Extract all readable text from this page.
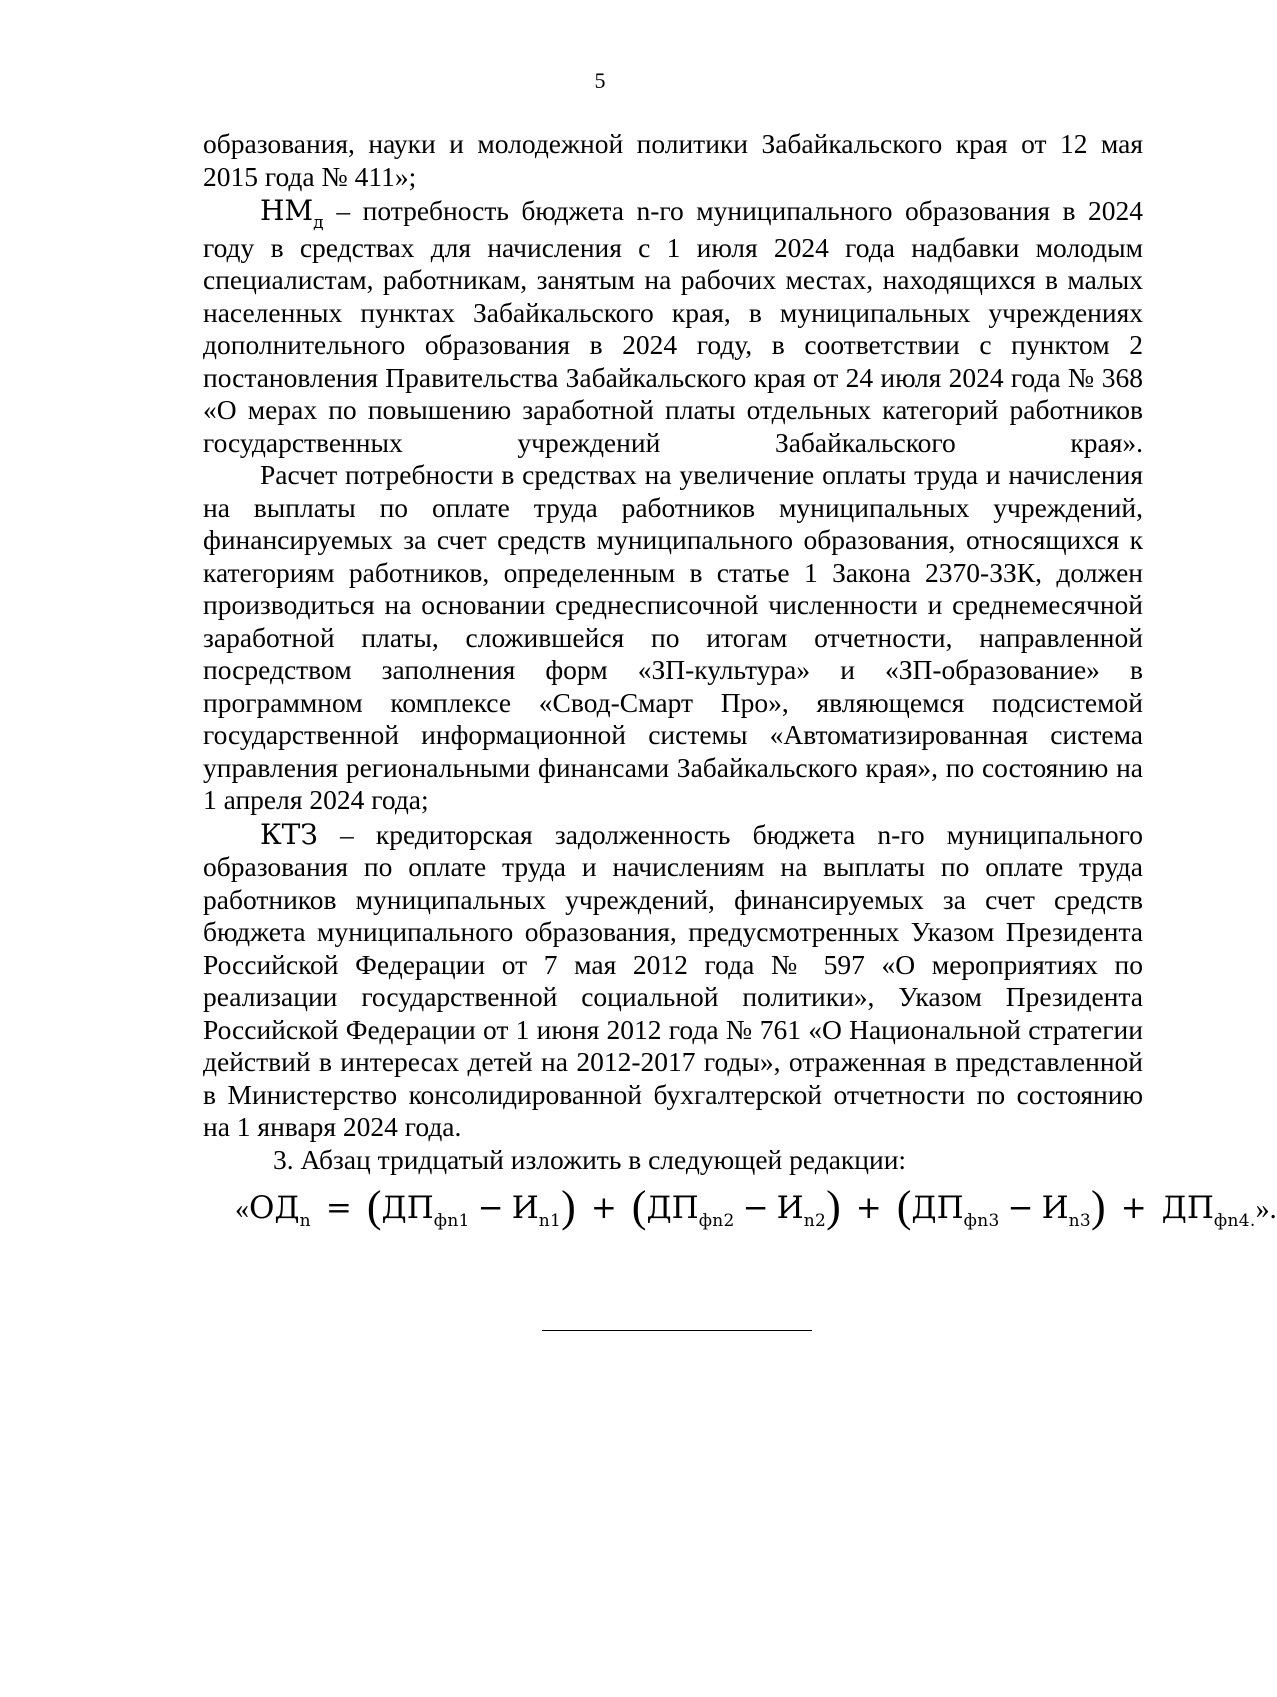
5

образования, науки и молодежной политики Забайкальского края от 12 мая 2015 года № 411»;

$НМ_д$ – потребность бюджета n-го муниципального образования в 2024 году в средствах для начисления с 1 июля 2024 года надбавки молодым специалистам, работникам, занятым на рабочих местах, находящихся в малых населенных пунктах Забайкальского края, в муниципальных учреждениях дополнительного образования в 2024 году, в соответствии с пунктом 2 постановления Правительства Забайкальского края от 24 июля 2024 года № 368 «О мерах по повышению заработной платы отдельных категорий работников государственных учреждений Забайкальского края».

Расчет потребности в средствах на увеличение оплаты труда и начисления на выплаты по оплате труда работников муниципальных учреждений, финансируемых за счет средств муниципального образования, относящихся к категориям работников, определенным в статье 1 Закона 2370-ЗЗК, должен производиться на основании среднесписочной численности и среднемесячной заработной платы, сложившейся по итогам отчетности, направленной посредством заполнения форм «ЗП-культура» и «ЗП-образование» в программном комплексе «Свод-Смарт Про», являющемся подсистемой государственной информационной системы «Автоматизированная система управления региональными финансами Забайкальского края», по состоянию на 1 апреля 2024 года;

КТЗ – кредиторская задолженность бюджета n-го муниципального образования по оплате труда и начислениям на выплаты по оплате труда работников муниципальных учреждений, финансируемых за счет средств бюджета муниципального образования, предусмотренных Указом Президента Российской Федерации от 7 мая 2012 года № 597 «О мероприятиях по реализации государственной социальной политики», Указом Президента Российской Федерации от 1 июня 2012 года № 761 «О Национальной стратегии действий в интересах детей на 2012-2017 годы», отраженная в представленной в Министерство консолидированной бухгалтерской отчетности по состоянию на 1 января 2024 года.

3. Абзац тридцатый изложить в следующей редакции:

«$ОД_n = (ДП_{фn1} - И_{n1}) + (ДП_{фn2} - И_{n2}) + (ДП_{фn3} - И_{n3}) + ДП_{фn4.}$».
